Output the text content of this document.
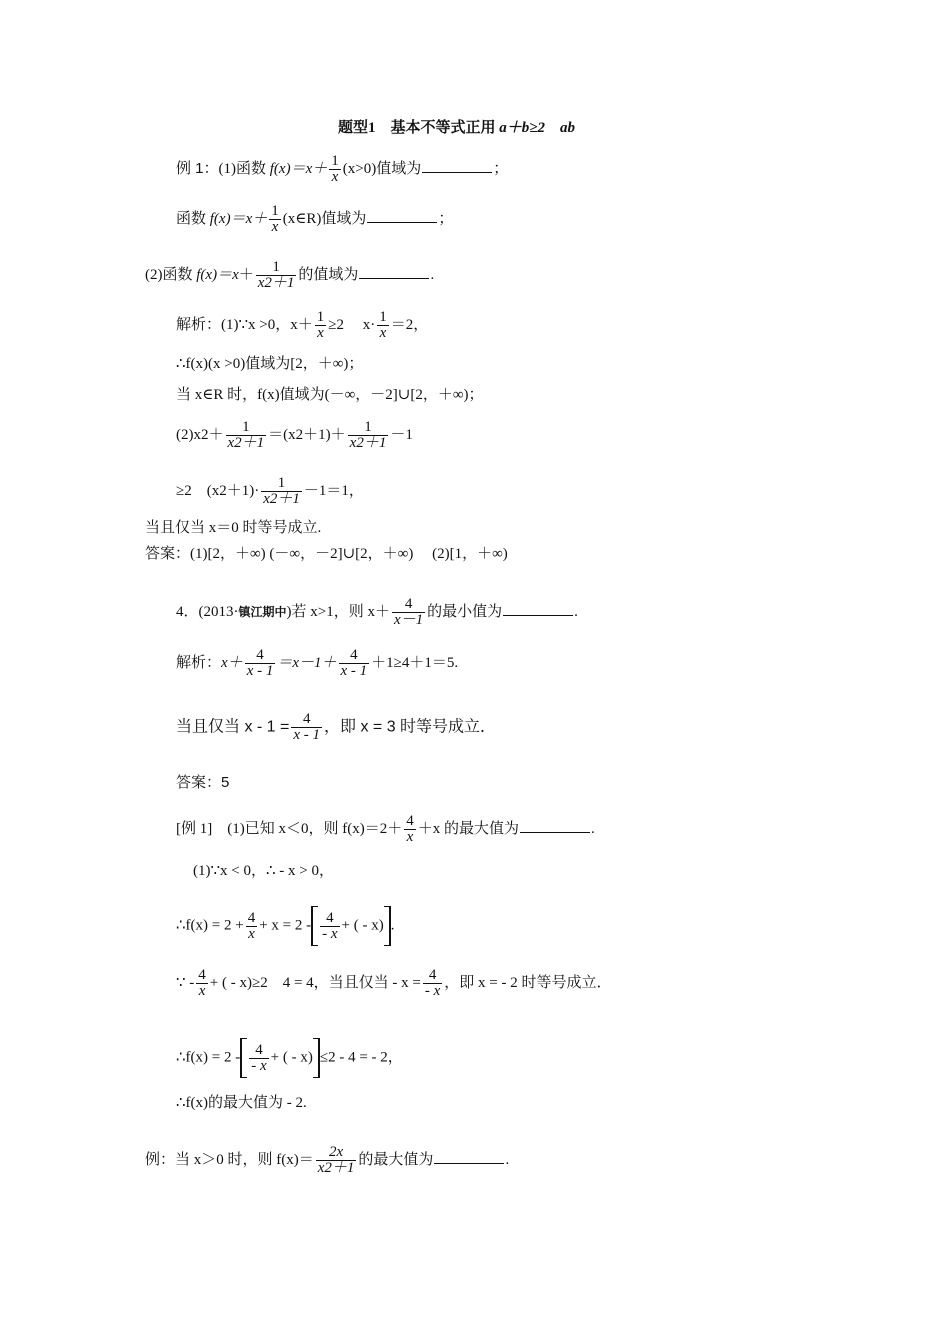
题型1　基本不等式正用 a＋b≥2　ab
例 1：(1)函数 $f(x)=x+ \frac{1}{x} (x>0)$值域为	；
函数 $f(x)=x+ \frac{1}{x}$ (x∈R)值域为	；
(2)函数 $f(x)=x+ \frac{1}{x2+1}$ 的值域为	.
解析：(1)∵x >0，$x+ \frac{1}{x} \ge 2$　 $x\cdot \frac{1}{x} =2$，
∴f(x)(x >0)值域为[2，＋∞)；
当 x∈R 时，f(x)值域为(－∞，－2]∪[2，＋∞)；
$(2)x2+ \frac{1}{x2+1} =(x2+1)+ \frac{1}{x2+1} -1$
≥2　$(x2+1)\cdot \frac{1}{x2+1} -1=1$，
当且仅当 x＝0 时等号成立.
答案：(1)[2，＋∞) (－∞，－2]∪[2，＋∞)　 (2)[1，＋∞)
4．(2013·镇江期中)若 x>1，则 $x+ \frac{4}{x-1}$ 的最小值为	.
解析：$x+ \frac{4}{x - 1} =x-1+ \frac{4}{x - 1} +1\ge 4+1=5$.
当且仅当 $x - 1 = \frac{4}{x - 1}$ ，即 x = 3 时等号成立．
答案：5
[例 1]　(1)已知 x＜0，则 $f(x)=2+ \frac{4}{x} +x$ 的最大值为	.
(1)∵x < 0，∴ - x > 0，
∴f(x) = $2 + \frac{4}{x} + x = 2 - \frac{4}{- x}$ + ( - x) .
∵ - $\frac{4}{x}$ + ( - x)≥2　4 = 4，当且仅当 - $x = \frac{4}{- x}$ ，即 x = - 2 时等号成立．
∴f(x) = $2 - \frac{4}{- x}$ + ( - x) ≤2 - 4 = - 2，
∴f(x)的最大值为 - 2.
例：当 x＞0 时，则 $f(x)= \frac{2x}{x2+1}$ 的最大值为	.
